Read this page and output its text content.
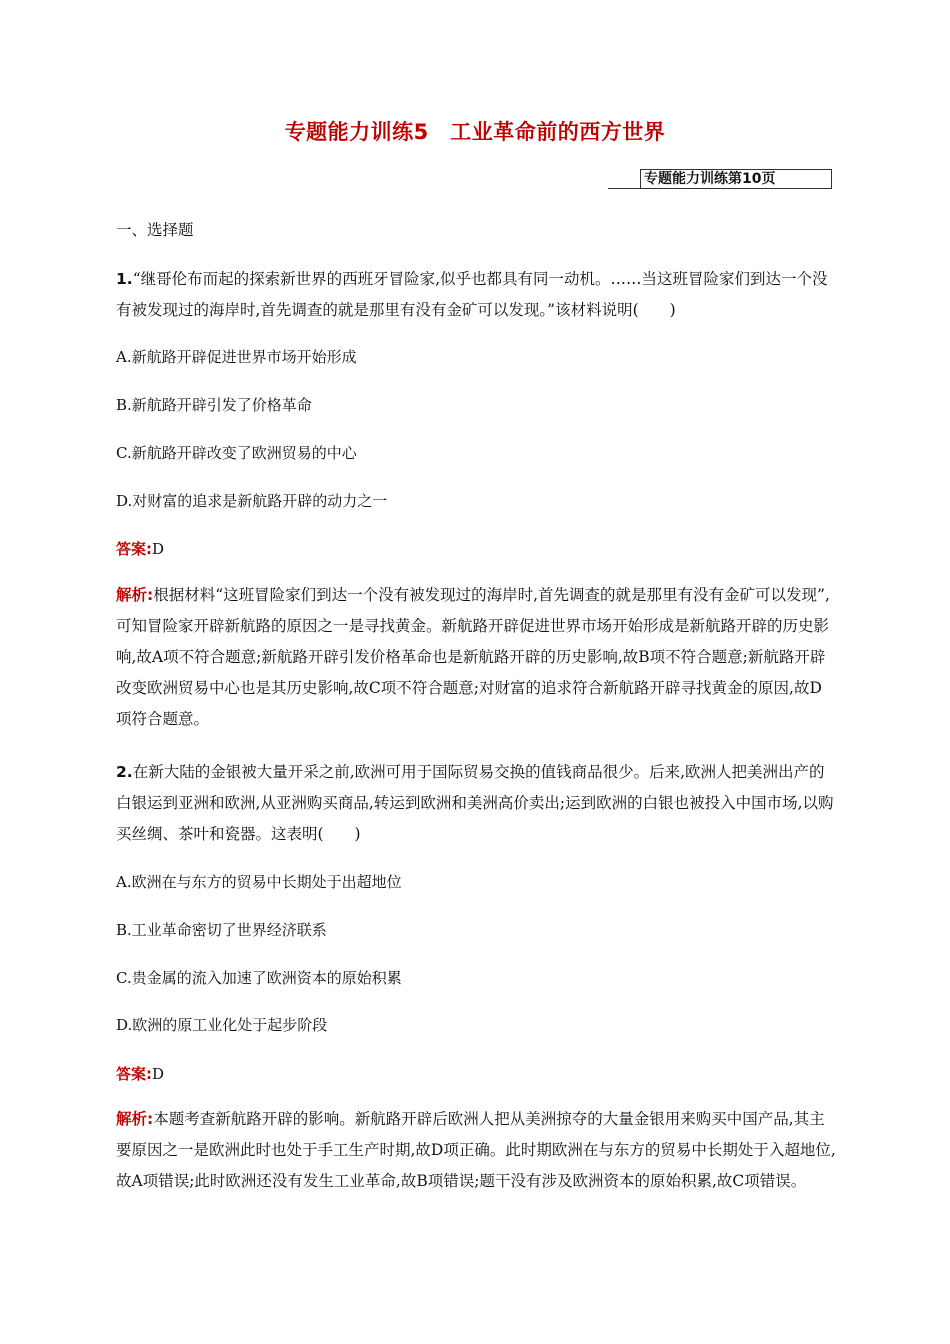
专题能力训练5　工业革命前的西方世界
专题能力训练第10页
一、选择题
1.“继哥伦布而起的探索新世界的西班牙冒险家,似乎也都具有同一动机。……当这班冒险家们到达一个没有被发现过的海岸时,首先调查的就是那里有没有金矿可以发现。”该材料说明(　　)
A.新航路开辟促进世界市场开始形成
B.新航路开辟引发了价格革命
C.新航路开辟改变了欧洲贸易的中心
D.对财富的追求是新航路开辟的动力之一
答案:D
解析:根据材料“这班冒险家们到达一个没有被发现过的海岸时,首先调查的就是那里有没有金矿可以发现”,可知冒险家开辟新航路的原因之一是寻找黄金。新航路开辟促进世界市场开始形成是新航路开辟的历史影响,故A项不符合题意;新航路开辟引发价格革命也是新航路开辟的历史影响,故B项不符合题意;新航路开辟改变欧洲贸易中心也是其历史影响,故C项不符合题意;对财富的追求符合新航路开辟寻找黄金的原因,故D项符合题意。
2.在新大陆的金银被大量开采之前,欧洲可用于国际贸易交换的值钱商品很少。后来,欧洲人把美洲出产的白银运到亚洲和欧洲,从亚洲购买商品,转运到欧洲和美洲高价卖出;运到欧洲的白银也被投入中国市场,以购买丝绸、茶叶和瓷器。这表明(　　)
A.欧洲在与东方的贸易中长期处于出超地位
B.工业革命密切了世界经济联系
C.贵金属的流入加速了欧洲资本的原始积累
D.欧洲的原工业化处于起步阶段
答案:D
解析:本题考查新航路开辟的影响。新航路开辟后欧洲人把从美洲掠夺的大量金银用来购买中国产品,其主要原因之一是欧洲此时也处于手工生产时期,故D项正确。此时期欧洲在与东方的贸易中长期处于入超地位,故A项错误;此时欧洲还没有发生工业革命,故B项错误;题干没有涉及欧洲资本的原始积累,故C项错误。
